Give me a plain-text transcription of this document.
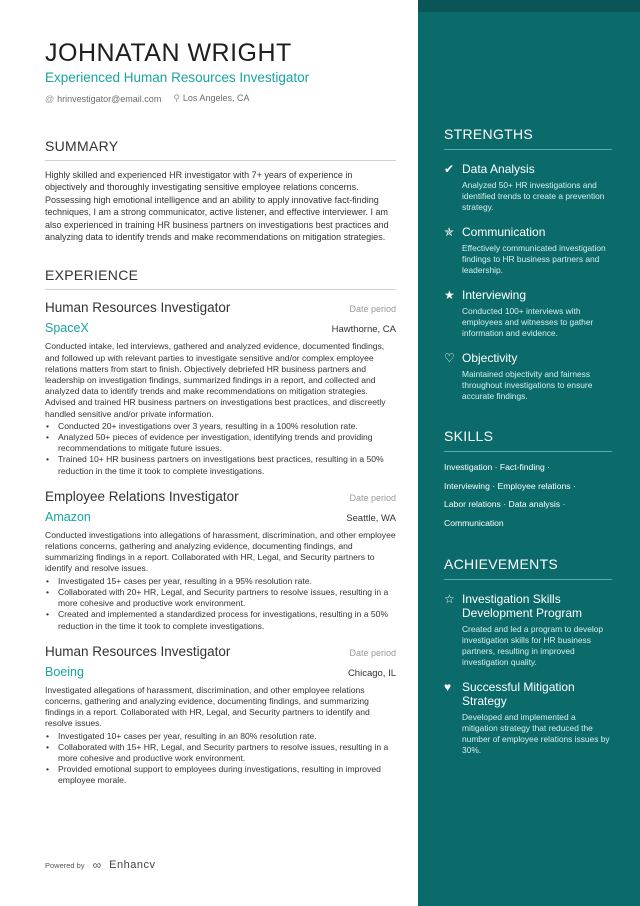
JOHNATAN WRIGHT
Experienced Human Resources Investigator
@ hrinvestigator@email.com ⚲ Los Angeles, CA
SUMMARY
Highly skilled and experienced HR investigator with 7+ years of experience in objectively and thoroughly investigating sensitive employee relations concerns. Possessing high emotional intelligence and an ability to apply innovative fact-finding techniques, I am a strong communicator, active listener, and effective interviewer. I am also experienced in training HR business partners on investigations best practices and analyzing data to identify trends and make recommendations on mitigation strategies.
EXPERIENCE
Human Resources Investigator	Date period
SpaceX	Hawthorne, CA
Conducted intake, led interviews, gathered and analyzed evidence, documented findings, and followed up with relevant parties to investigate sensitive and/or complex employee relations matters from start to finish. Objectively debriefed HR business partners and leadership on investigation findings, summarized findings in a report, and collected and analyzed data to identify trends and make recommendations on mitigation strategies. Advised and trained HR business partners on investigations best practices, and discreetly handled sensitive and/or private information.
• Conducted 20+ investigations over 3 years, resulting in a 100% resolution rate.
• Analyzed 50+ pieces of evidence per investigation, identifying trends and providing recommendations to mitigate future issues.
• Trained 10+ HR business partners on investigations best practices, resulting in a 50% reduction in the time it took to complete investigations.
Employee Relations Investigator	Date period
Amazon	Seattle, WA
Conducted investigations into allegations of harassment, discrimination, and other employee relations concerns, gathering and analyzing evidence, documenting findings, and summarizing findings in a report. Collaborated with HR, Legal, and Security partners to identify and resolve issues.
• Investigated 15+ cases per year, resulting in a 95% resolution rate.
• Collaborated with 20+ HR, Legal, and Security partners to resolve issues, resulting in a more cohesive and productive work environment.
• Created and implemented a standardized process for investigations, resulting in a 50% reduction in the time it took to complete investigations.
Human Resources Investigator	Date period
Boeing	Chicago, IL
Investigated allegations of harassment, discrimination, and other employee relations concerns, gathering and analyzing evidence, documenting findings, and summarizing findings in a report. Collaborated with HR, Legal, and Security partners to identify and resolve issues.
• Investigated 10+ cases per year, resulting in an 80% resolution rate.
• Collaborated with 15+ HR, Legal, and Security partners to resolve issues, resulting in a more cohesive and productive work environment.
• Provided emotional support to employees during investigations, resulting in improved employee morale.
Powered by ∞ Enhancv
STRENGTHS
✔ Data Analysis
Analyzed 50+ HR investigations and identified trends to create a prevention strategy.
✯ Communication
Effectively communicated investigation findings to HR business partners and leadership.
★ Interviewing
Conducted 100+ interviews with employees and witnesses to gather information and evidence.
♡ Objectivity
Maintained objectivity and fairness throughout investigations to ensure accurate findings.
SKILLS
Investigation · Fact-finding ·
Interviewing · Employee relations ·
Labor relations · Data analysis ·
Communication
ACHIEVEMENTS
☆ Investigation Skills Development Program
Created and led a program to develop investigation skills for HR business partners, resulting in improved investigation quality.
♥ Successful Mitigation Strategy
Developed and implemented a mitigation strategy that reduced the number of employee relations issues by 30%.
